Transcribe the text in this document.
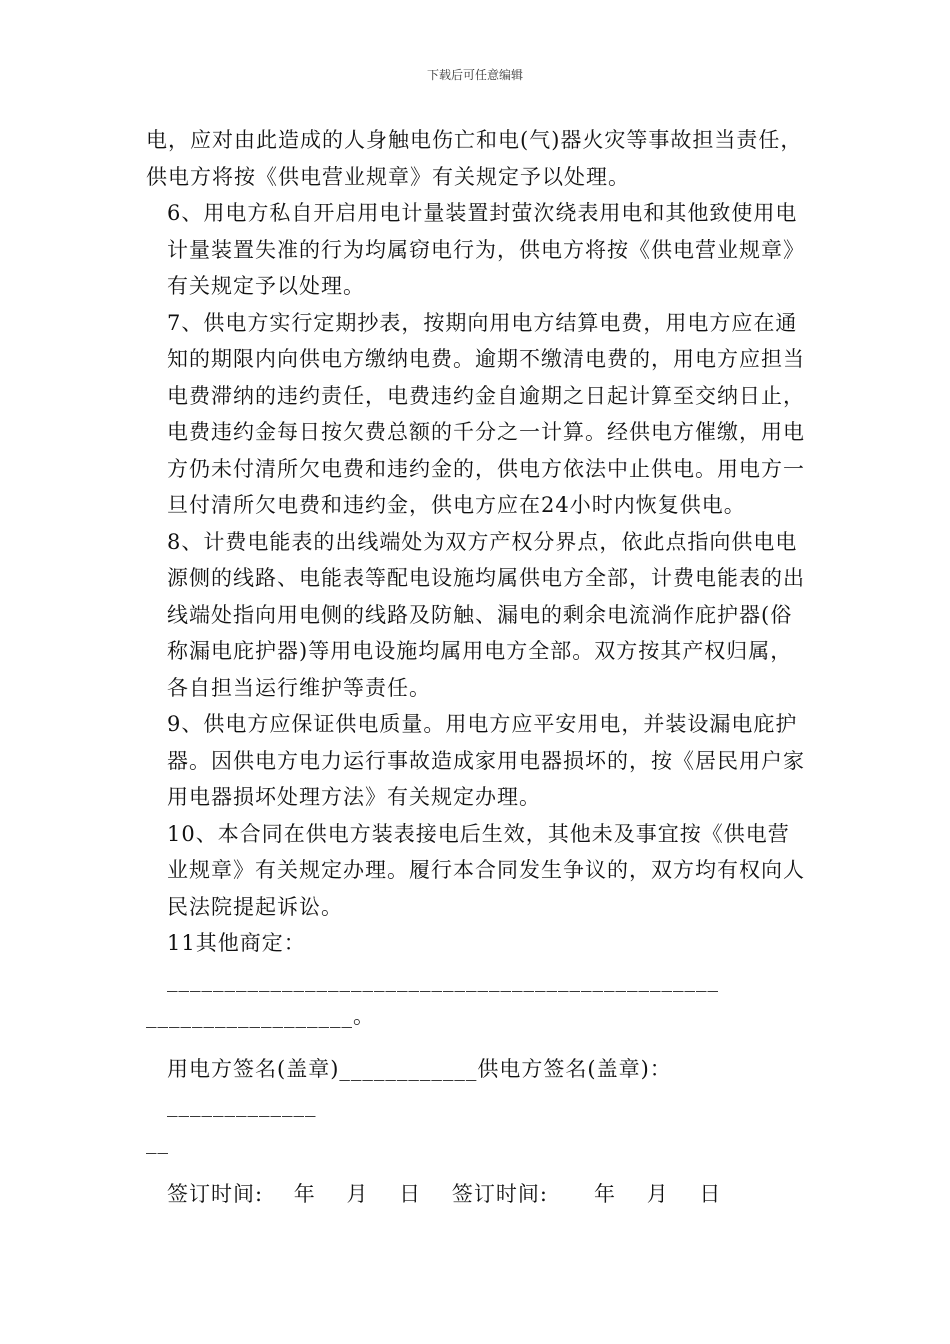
下载后可任意编辑

电，应对由此造成的人身触电伤亡和电(气)器火灾等事故担当责任，供电方将按《供电营业规章》有关规定予以处理。

6、用电方私自开启用电计量装置封萤㳄绕表用电和其他致使用电计量装置失准的行为均属窃电行为，供电方将按《供电营业规章》有关规定予以处理。

7、供电方实行定期抄表，按期向用电方结算电费，用电方应在通知的期限内向供电方缴纳电费。逾期不缴清电费的，用电方应担当电费滞纳的违约责任，电费违约金自逾期之日起计算至交纳日止，电费违约金每日按欠费总额的千分之一计算。经供电方催缴，用电方仍未付清所欠电费和违约金的，供电方依法中止供电。用电方一旦付清所欠电费和违约金，供电方应在24小时内恢复供电。

8、计费电能表的出线端处为双方产权分界点，依此点指向供电电源侧的线路、电能表等配电设施均属供电方全部，计费电能表的出线端处指向用电侧的线路及防触、漏电的剩余电流淌作庇护器(俗称漏电庇护器)等用电设施均属用电方全部。双方按其产权归属，各自担当运行维护等责任。

9、供电方应保证供电质量。用电方应平安用电，并装设漏电庇护器。因供电方电力运行事故造成家用电器损坏的，按《居民用户家用电器损坏处理方法》有关规定办理。

10、本合同在供电方装表接电后生效，其他未及事宜按《供电营业规章》有关规定办理。履行本合同发生争议的，双方均有权向人民法院提起诉讼。

11其他商定：________________________________________________

__________________。

用电方签名(盖章)____________供电方签名(盖章)：_____________

__

签订时间:    年    月    日 签订时间:      年    月    日
